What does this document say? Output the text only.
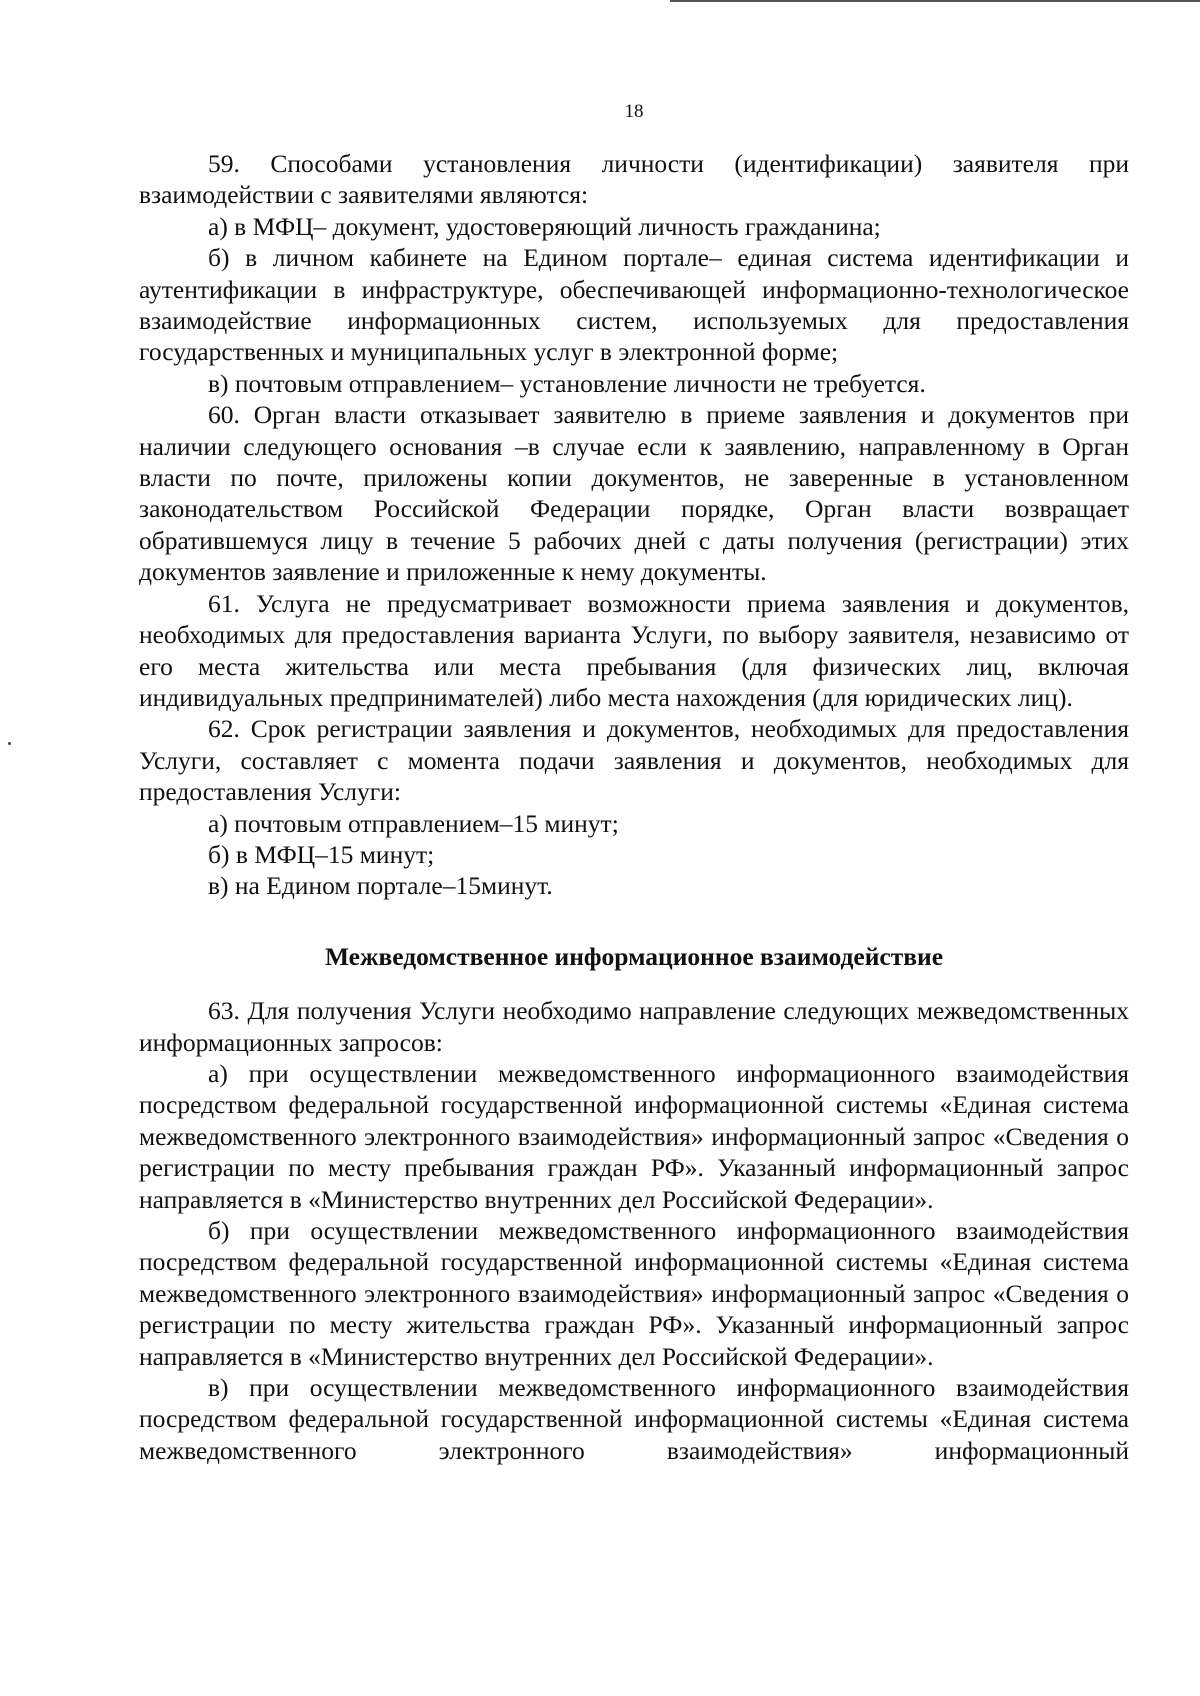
18

59. Способами установления личности (идентификации) заявителя при взаимодействии с заявителями являются:

а) в МФЦ– документ, удостоверяющий личность гражданина;

б) в личном кабинете на Едином портале– единая система идентификации и аутентификации в инфраструктуре, обеспечивающей информационно-технологическое взаимодействие информационных систем, используемых для предоставления государственных и муниципальных услуг в электронной форме;

в) почтовым отправлением– установление личности не требуется.

60. Орган власти отказывает заявителю в приеме заявления и документов при наличии следующего основания –в случае если к заявлению, направленному в Орган власти по почте, приложены копии документов, не заверенные в установленном законодательством Российской Федерации порядке, Орган власти возвращает обратившемуся лицу в течение 5 рабочих дней с даты получения (регистрации) этих документов заявление и приложенные к нему документы.

61. Услуга не предусматривает возможности приема заявления и документов, необходимых для предоставления варианта Услуги, по выбору заявителя, независимо от его места жительства или места пребывания (для физических лиц, включая индивидуальных предпринимателей) либо места нахождения (для юридических лиц).

62. Срок регистрации заявления и документов, необходимых для предоставления Услуги, составляет с момента подачи заявления и документов, необходимых для предоставления Услуги:

а) почтовым отправлением–15 минут;

б) в МФЦ–15 минут;

в) на Едином портале–15минут.

Межведомственное информационное взаимодействие

63. Для получения Услуги необходимо направление следующих межведомственных информационных запросов:

а) при осуществлении межведомственного информационного взаимодействия посредством федеральной государственной информационной системы «Единая система межведомственного электронного взаимодействия» информационный запрос «Сведения о регистрации по месту пребывания граждан РФ». Указанный информационный запрос направляется в «Министерство внутренних дел Российской Федерации».

б) при осуществлении межведомственного информационного взаимодействия посредством федеральной государственной информационной системы «Единая система межведомственного электронного взаимодействия» информационный запрос «Сведения о регистрации по месту жительства граждан РФ». Указанный информационный запрос направляется в «Министерство внутренних дел Российской Федерации».

в) при осуществлении межведомственного информационного взаимодействия посредством федеральной государственной информационной системы «Единая система межведомственного электронного взаимодействия» информационный
